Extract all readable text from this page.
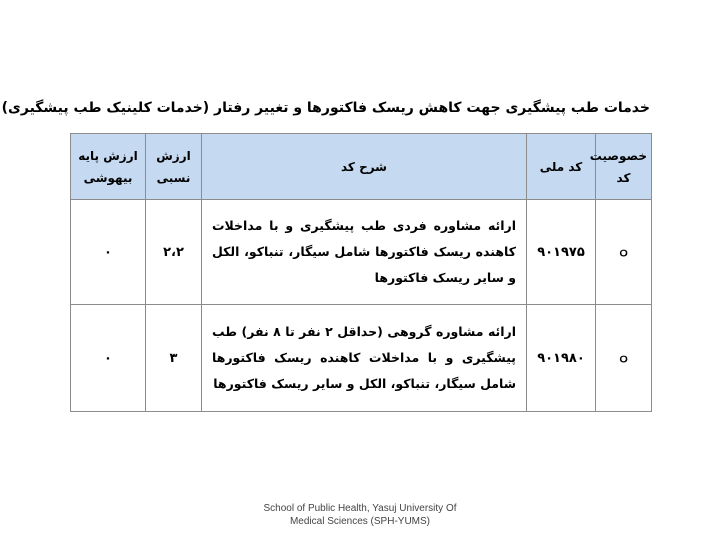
خدمات طب پیشگیری جهت کاهش ریسک فاکتورها و تغییر رفتار (خدمات کلینیک طب پیشگیری)
خصوصیت کد	کد ملی	شرح کد	ارزش نسبی	ارزش پایه بیهوشی
ㅇ	۹۰۱۹۷۵	ارائه مشاوره فردی طب پیشگیری و با مداخلات کاهنده ریسک فاکتورها شامل سیگار، تنباکو، الکل و سایر ریسک فاکتورها	۲،۲	۰
ㅇ	۹۰۱۹۸۰	ارائه مشاوره گروهی (حداقل ۲ نفر تا ۸ نفر) طب پیشگیری و با مداخلات کاهنده ریسک فاکتورها شامل سیگار، تنباکو، الکل و سایر ریسک فاکتورها	۳	۰
School of Public Health, Yasuj University Of
Medical Sciences (SPH-YUMS)
